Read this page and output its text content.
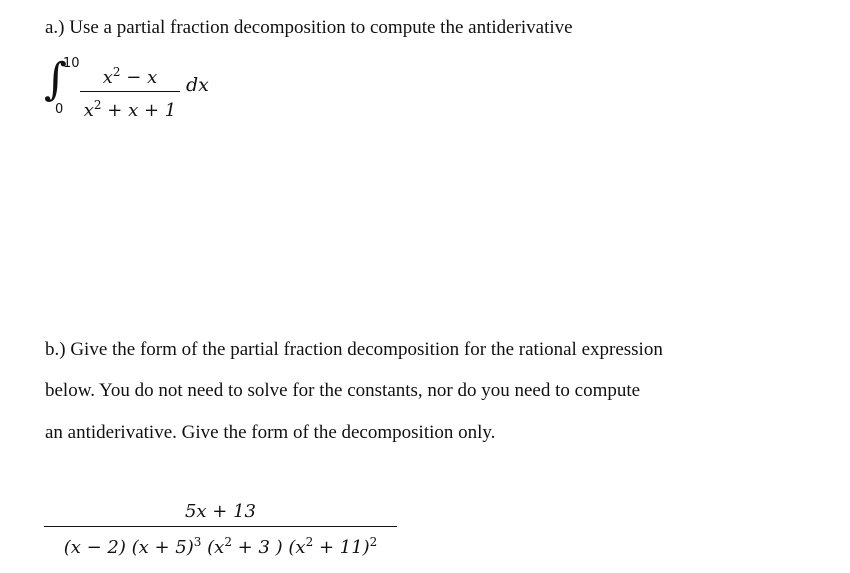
a.) Use a partial fraction decomposition to compute the antiderivative
∫
10
0
$x^2 - x$
$x^2 + x + 1$
dx
b.) Give the form of the partial fraction decomposition for the rational expression
below. You do not need to solve for the constants, nor do you need to compute
an antiderivative. Give the form of the decomposition only.
5x + 13
(x − 2) $(x + 5)^3$ ($x^2 + 3$ ) $(x^2 + 11)^2$
